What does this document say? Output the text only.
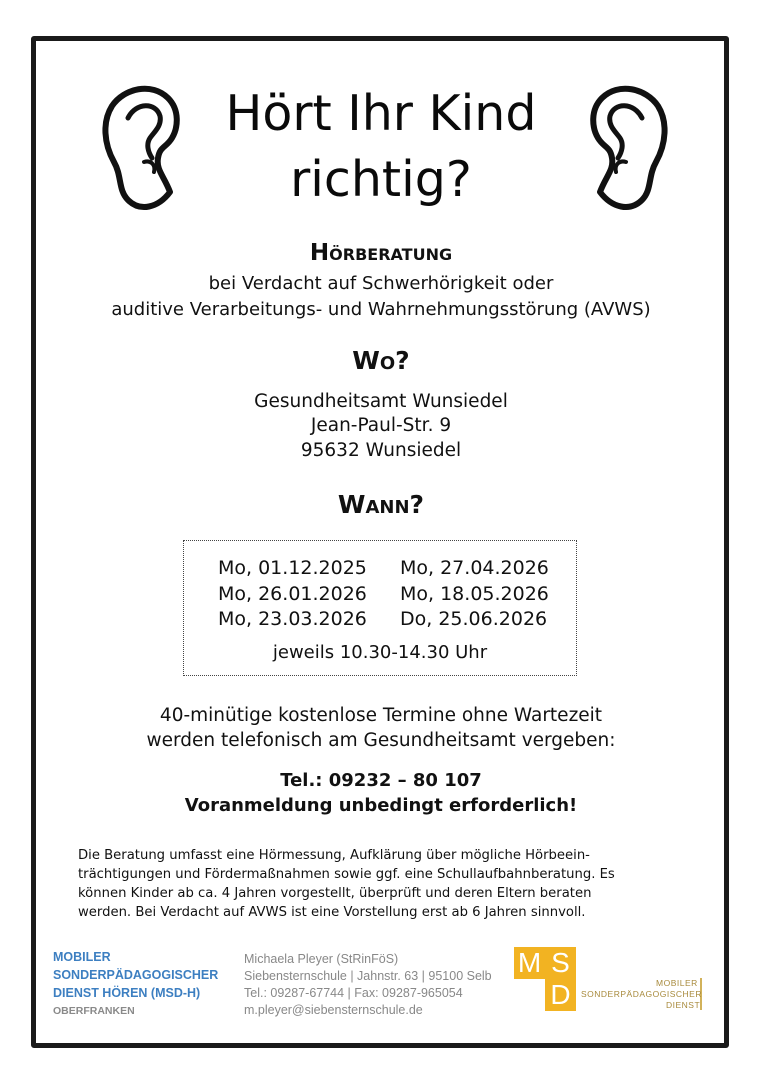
Hört Ihr Kind
richtig?
Hörberatung
bei Verdacht auf Schwerhörigkeit oder
auditive Verarbeitungs- und Wahrnehmungsstörung (AVWS)
Wo?
Gesundheitsamt Wunsiedel
Jean-Paul-Str. 9
95632 Wunsiedel
Wann?
Mo, 01.12.2025
Mo, 26.01.2026
Mo, 23.03.2026
Mo, 27.04.2026
Mo, 18.05.2026
Do, 25.06.2026
jeweils 10.30-14.30 Uhr
40-minütige kostenlose Termine ohne Wartezeit
werden telefonisch am Gesundheitsamt vergeben:
Tel.: 09232 – 80 107
Voranmeldung unbedingt erforderlich!
Die Beratung umfasst eine Hörmessung, Aufklärung über mögliche Hörbeein-
trächtigungen und Fördermaßnahmen sowie ggf. eine Schullaufbahnberatung. Es
können Kinder ab ca. 4 Jahren vorgestellt, überprüft und deren Eltern beraten
werden. Bei Verdacht auf AVWS ist eine Vorstellung erst ab 6 Jahren sinnvoll.
MOBILER
SONDERPÄDAGOGISCHER
DIENST HÖREN (MSD-H)
OBERFRANKEN
Michaela Pleyer (StRinFöS)
Siebensternschule | Jahnstr. 63 | 95100 Selb
Tel.: 09287-67744 | Fax: 09287-965054
m.pleyer@siebensternschule.de
M S
D	MOBILER
SONDERPÄDAGOGISCHER
DIENST
